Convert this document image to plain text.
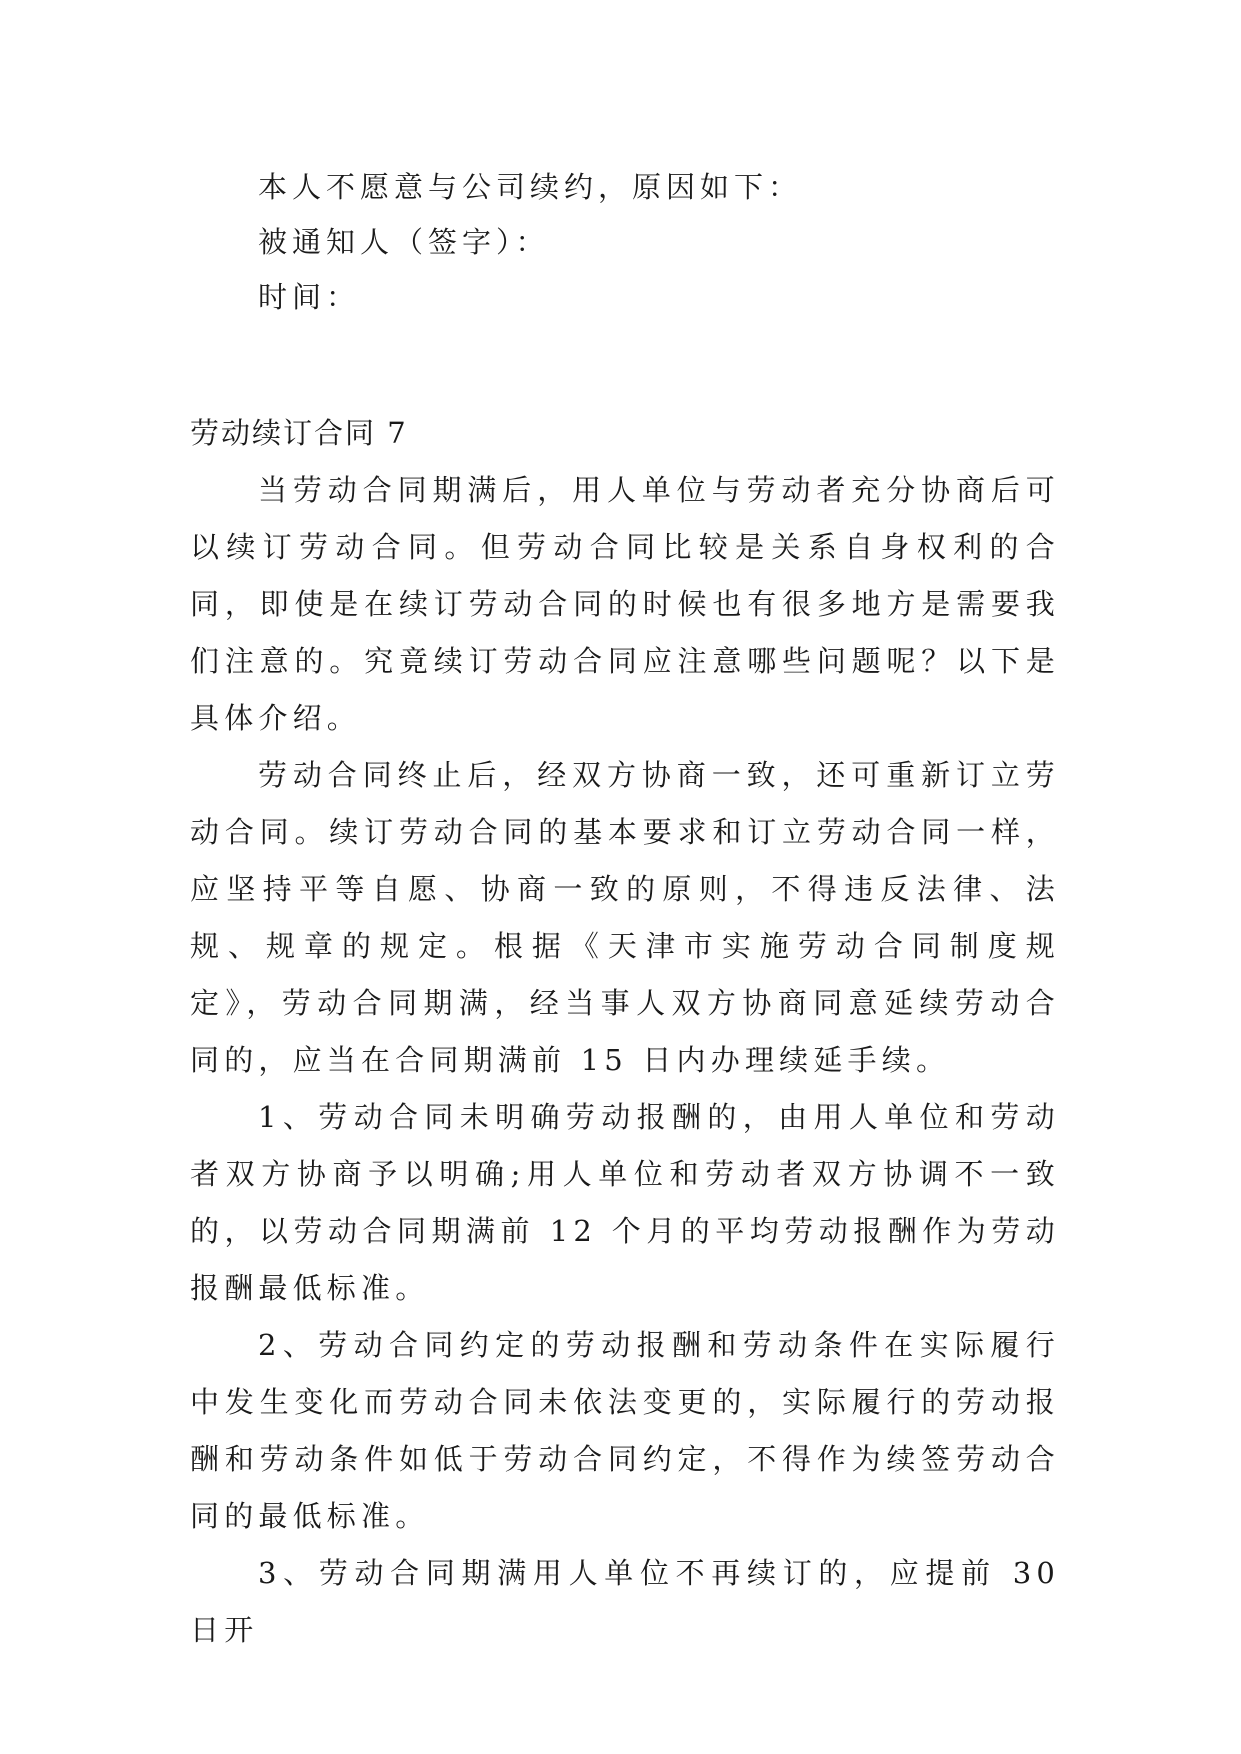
本人不愿意与公司续约，原因如下：
被通知人（签字）：
时间：
劳动续订合同 7

当劳动合同期满后，用人单位与劳动者充分协商后可以续订劳动合同。但劳动合同比较是关系自身权利的合同，即使是在续订劳动合同的时候也有很多地方是需要我们注意的。究竟续订劳动合同应注意哪些问题呢？以下是具体介绍。

劳动合同终止后，经双方协商一致，还可重新订立劳动合同。续订劳动合同的基本要求和订立劳动合同一样，应坚持平等自愿、协商一致的原则，不得违反法律、法规、规章的规定。根据《天津市实施劳动合同制度规定》，劳动合同期满，经当事人双方协商同意延续劳动合同的，应当在合同期满前 15 日内办理续延手续。

1、劳动合同未明确劳动报酬的，由用人单位和劳动者双方协商予以明确;用人单位和劳动者双方协调不一致的，以劳动合同期满前 12 个月的平均劳动报酬作为劳动报酬最低标准。

2、劳动合同约定的劳动报酬和劳动条件在实际履行中发生变化而劳动合同未依法变更的，实际履行的劳动报酬和劳动条件如低于劳动合同约定，不得作为续签劳动合同的最低标准。

3、劳动合同期满用人单位不再续订的，应提前 30 日开
